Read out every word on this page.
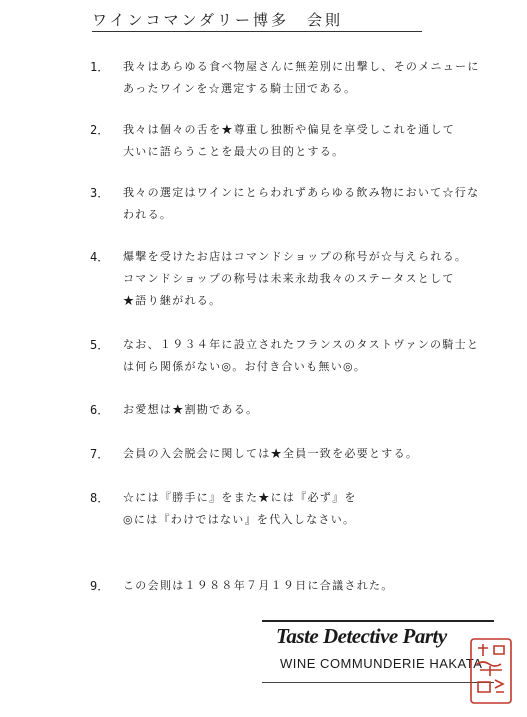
ワインコマンダリー博多　会則
1． 我々はあらゆる食べ物屋さんに無差別に出撃し、そのメニューに
あったワインを☆選定する騎士団である。
2． 我々は個々の舌を★尊重し独断や偏見を享受しこれを通して
大いに語らうことを最大の目的とする。
3． 我々の選定はワインにとらわれずあらゆる飲み物において☆行な
われる。
4． 爆撃を受けたお店はコマンドショップの称号が☆与えられる。
コマンドショップの称号は未来永劫我々のステータスとして
★語り継がれる。
5． なお、１９３４年に設立されたフランスのタストヴァンの騎士と
は何ら関係がない◎。お付き合いも無い◎。
6． お愛想は★割勘である。
7． 会員の入会脱会に関しては★全員一致を必要とする。
8． ☆には『勝手に』をまた★には『必ず』を
◎には『わけではない』を代入しなさい。
9． この会則は１９８８年７月１９日に合議された。
Taste Detective Party
WINE COMMUNDERIE HAKATA
